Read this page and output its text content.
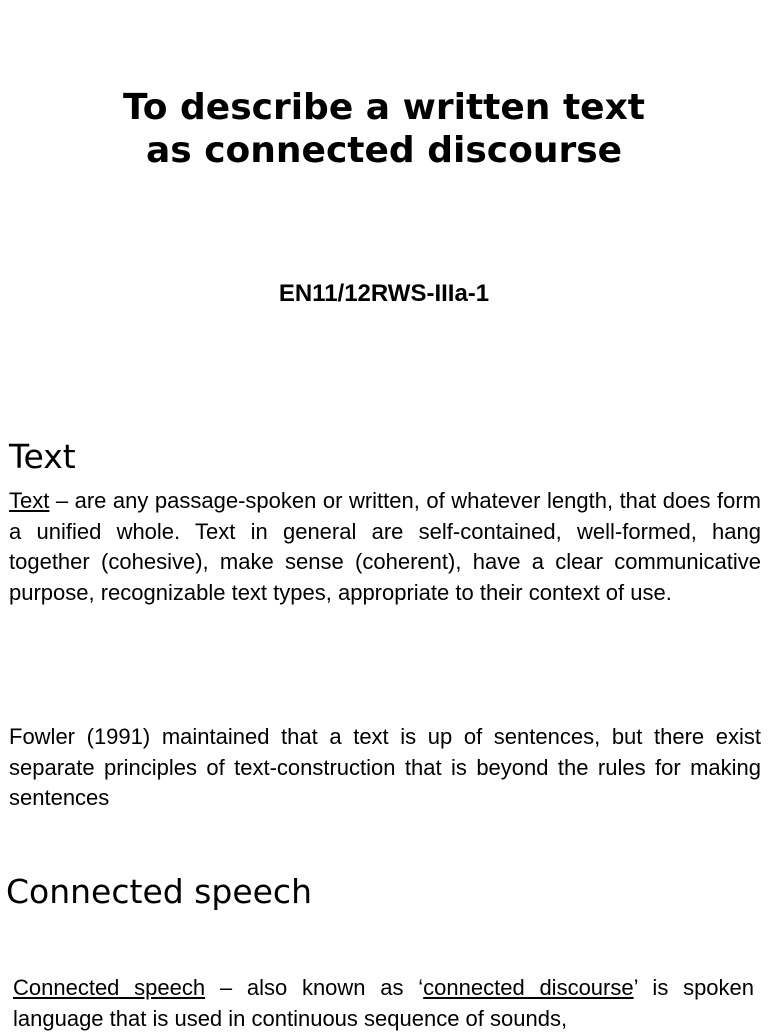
To describe a written text
as connected discourse
EN11/12RWS-IIIa-1
Text
Text – are any passage-spoken or written, of whatever length, that does form a unified whole. Text in general are self-contained, well-formed, hang together (cohesive), make sense (coherent), have a clear communicative purpose, recognizable text types, appropriate to their context of use.
Fowler (1991) maintained that a text is up of sentences, but there exist separate principles of text-construction that is beyond the rules for making sentences
Connected speech
Connected speech – also known as ‘connected discourse’ is spoken language that is used in continuous sequence of sounds,
